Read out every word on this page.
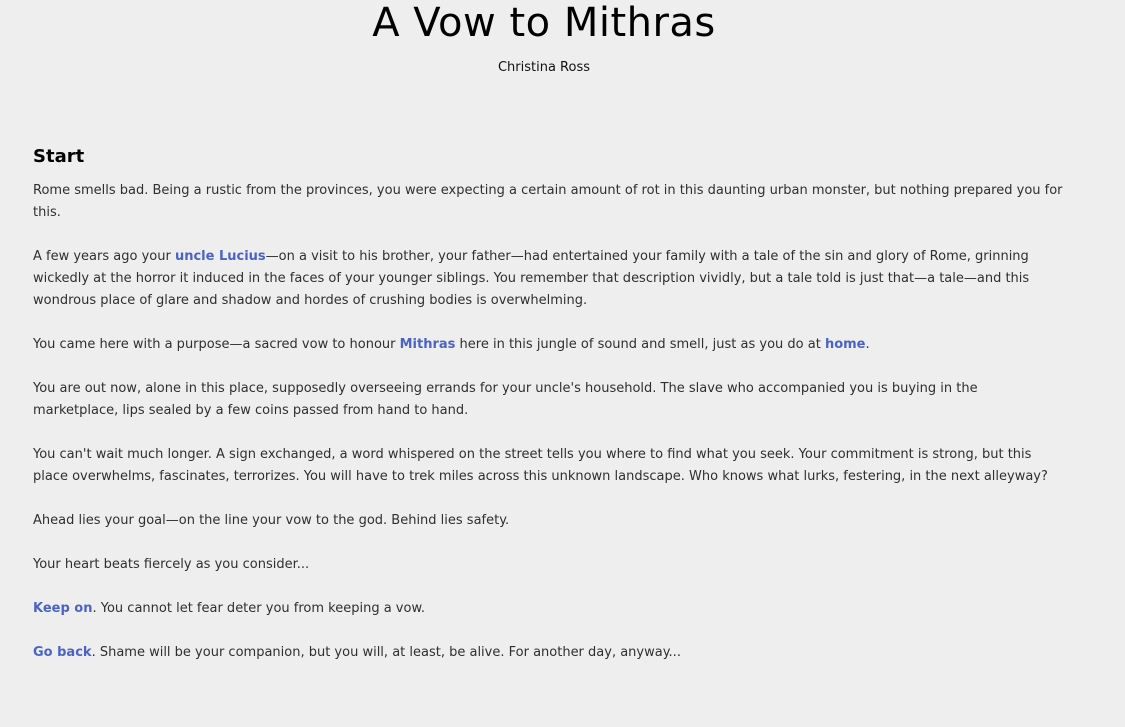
A Vow to Mithras
Christina Ross
Start

Rome smells bad. Being a rustic from the provinces, you were expecting a certain amount of rot in this daunting urban monster, but nothing prepared you for this.

A few years ago your uncle Lucius—on a visit to his brother, your father—had entertained your family with a tale of the sin and glory of Rome, grinning wickedly at the horror it induced in the faces of your younger siblings. You remember that description vividly, but a tale told is just that—a tale—and this wondrous place of glare and shadow and hordes of crushing bodies is overwhelming.

You came here with a purpose—a sacred vow to honour Mithras here in this jungle of sound and smell, just as you do at home.

You are out now, alone in this place, supposedly overseeing errands for your uncle's household. The slave who accompanied you is buying in the marketplace, lips sealed by a few coins passed from hand to hand.

You can't wait much longer. A sign exchanged, a word whispered on the street tells you where to find what you seek. Your commitment is strong, but this place overwhelms, fascinates, terrorizes. You will have to trek miles across this unknown landscape. Who knows what lurks, festering, in the next alleyway?

Ahead lies your goal—on the line your vow to the god. Behind lies safety.

Your heart beats fiercely as you consider...

Keep on. You cannot let fear deter you from keeping a vow.

Go back. Shame will be your companion, but you will, at least, be alive. For another day, anyway...
